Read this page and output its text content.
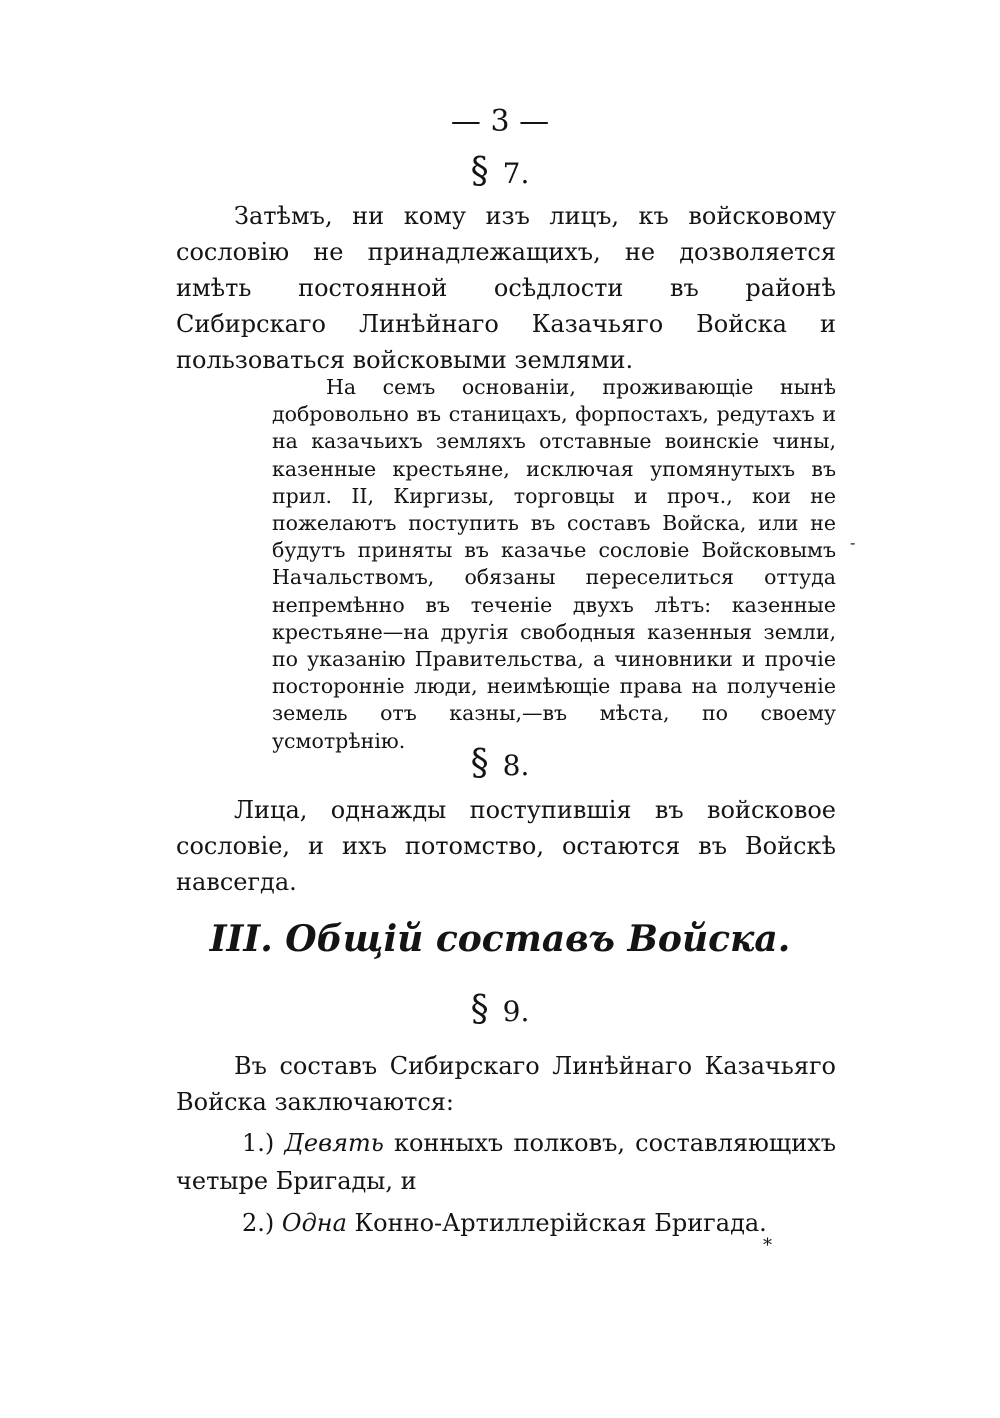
— 3 —
§ 7.

Затѣмъ, ни кому изъ лицъ, къ войсковому сословію не принадлежащихъ, не дозволяется имѣть постоянной осѣдлости въ районѣ Сибирскаго Линѣйнаго Казачьяго Войска и пользоваться войсковыми землями.

На семъ основаніи, проживающіе нынѣ добровольно въ станицахъ, форпостахъ, редутахъ и на казачьихъ земляхъ отставные воинскіе чины, казенные крестьяне, исключая упомянутыхъ въ прил. II, Киргизы, торговцы и проч., кои не пожелаютъ поступить въ составъ Войска, или не будутъ приняты въ казачье сословіе Войсковымъ Начальствомъ, обязаны переселиться оттуда непремѣнно въ теченіе двухъ лѣтъ: казенные крестьяне—на другія свободныя казенныя земли, по указанію Правительства, а чиновники и прочіе посторонніе люди, неимѣющіе права на полученіе земель отъ казны,—въ мѣста, по своему усмотрѣнію.

§ 8.

Лица, однажды поступившія въ войсковое сословіе, и ихъ потомство, остаются въ Войскѣ навсегда.

III. Общій составъ Войска.
§ 9.

Въ составъ Сибирскаго Линѣйнаго Казачьяго Войска заключаются:

1.) Девять конныхъ полковъ, составляющихъ четыре Бригады, и

2.) Одна Конно-Артиллерійская Бригада.

*
-
